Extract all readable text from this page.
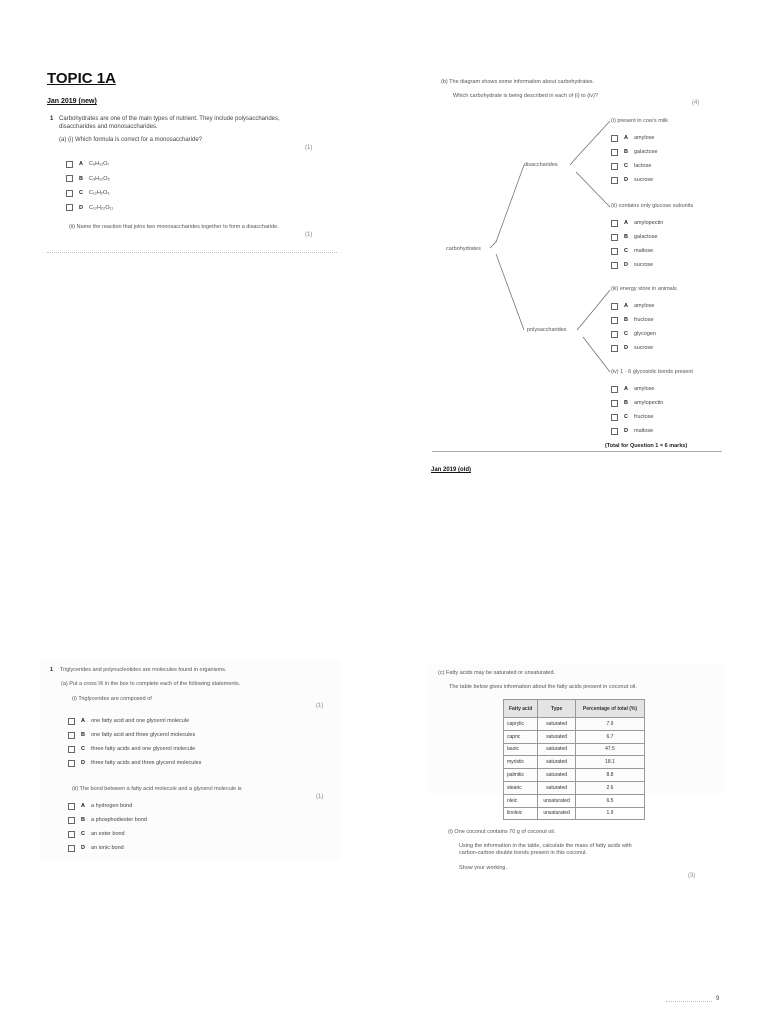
TOPIC 1A
Jan 2019 (new)
1 Carbohydrates are one of the main types of nutrient. They include polysaccharides,
disaccharides and monosaccharides.
(a) (i) Which formula is correct for a monosaccharide?
(1)
A C₆H₁₂O₇
B C₅H₁₀O₅
C C₁₂H₂O₆
D C₁₂H₂₂O₁₁
(ii) Name the reaction that joins two monosaccharides together to form a disaccharide.
(1)
(b) The diagram shows some information about carbohydrates.
Which carbohydrate is being described in each of (i) to (iv)?
(4)
carbohydrates
disaccharides
polysaccharides
(i) present in cow's milk
A amylose
B galactose
C lactose
D sucrose
(ii) contains only glucose subunits
A amylopectin
B galactose
C maltose
D sucrose
(iii) energy store in animals
A amylose
B fructose
C glycogen
D sucrose
(iv) 1 - 6 glycosidic bonds present
A amylose
B amylopectin
C fructose
D maltose
(Total for Question 1 = 6 marks)
Jan 2019 (old)
1 Triglycerides and polynucleotides are molecules found in organisms.
(a) Put a cross ☒ in the box to complete each of the following statements.
(i) Triglycerides are composed of
(1)
A one fatty acid and one glycerol molecule
B one fatty acid and three glycerol molecules
C three fatty acids and one glycerol molecule
D three fatty acids and three glycerol molecules
(ii) The bond between a fatty acid molecule and a glycerol molecule is
(1)
A a hydrogen bond
B a phosphodiester bond
C an ester bond
D an ionic bond
(c) Fatty acids may be saturated or unsaturated.
The table below gives information about the fatty acids present in coconut oil.
Fatty acid	Type	Percentage of total (%)
caprylic	saturated	7.9
capric	saturated	6.7
lauric	saturated	47.5
myristic	saturated	18.1
palmitic	saturated	8.8
stearic	saturated	2.6
oleic	unsaturated	6.5
linoleic	unsaturated	1.9
(i) One coconut contains 70 g of coconut oil.
Using the information in the table, calculate the mass of fatty acids with
carbon-carbon double bonds present in this coconut.
Show your working.
(3)
9
